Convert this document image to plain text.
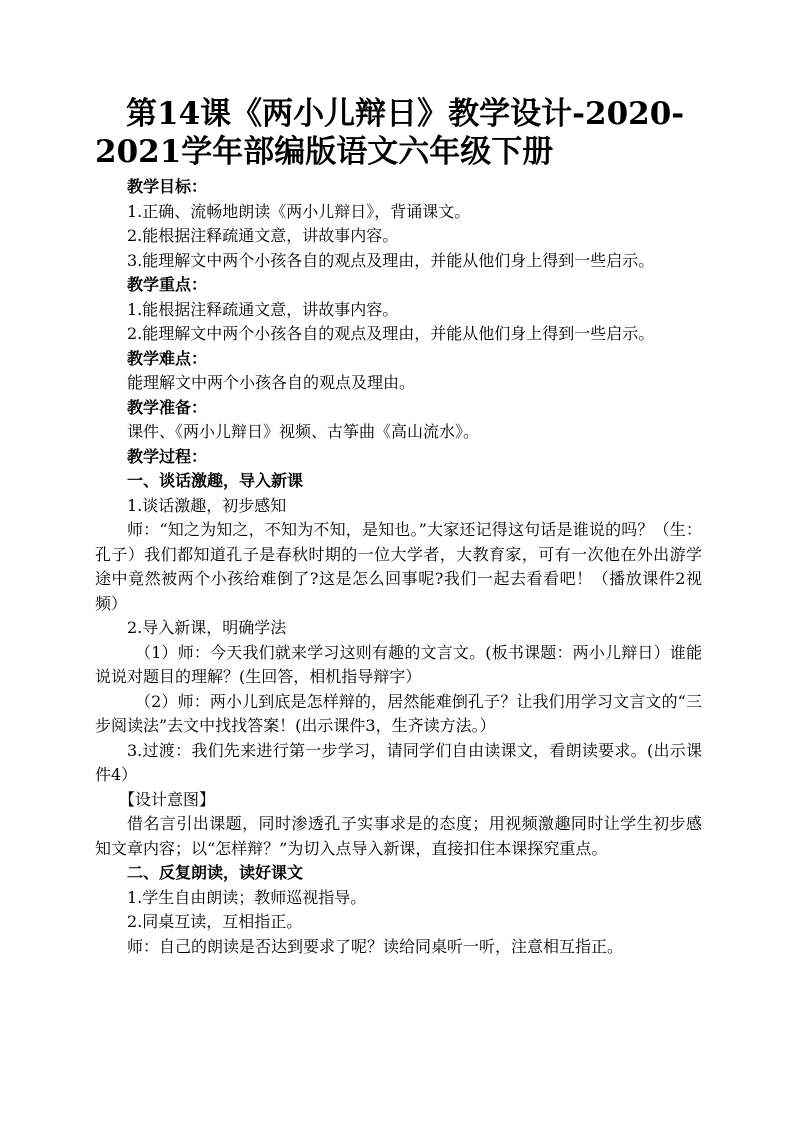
第14课《两小儿辩日》教学设计-2020-2021学年部编版语文六年级下册

教学目标：

1.正确、流畅地朗读《两小儿辩日》，背诵课文。

2.能根据注释疏通文意，讲故事内容。

3.能理解文中两个小孩各自的观点及理由，并能从他们身上得到一些启示。

教学重点：

1.能根据注释疏通文意，讲故事内容。

2.能理解文中两个小孩各自的观点及理由，并能从他们身上得到一些启示。

教学难点：

能理解文中两个小孩各自的观点及理由。

教学准备：

课件、《两小儿辩日》视频、古筝曲《高山流水》。

教学过程：

一、谈话激趣，导入新课

1.谈话激趣，初步感知

师：“知之为知之，不知为不知，是知也。”大家还记得这句话是谁说的吗？（生：孔子）我们都知道孔子是春秋时期的一位大学者，大教育家，可有一次他在外出游学途中竟然被两个小孩给难倒了?这是怎么回事呢?我们一起去看看吧！（播放课件2视频）

2.导入新课，明确学法

（1）师：今天我们就来学习这则有趣的文言文。(板书课题：两小儿辩日）谁能说说对题目的理解？(生回答，相机指导辩字）

（2）师：两小儿到底是怎样辩的，居然能难倒孔子？让我们用学习文言文的“三步阅读法”去文中找找答案！(出示课件3，生齐读方法。）

3.过渡：我们先来进行第一步学习，请同学们自由读课文，看朗读要求。(出示课件4）

【设计意图】

借名言引出课题，同时渗透孔子实事求是的态度；用视频激趣同时让学生初步感知文章内容；以“怎样辩？”为切入点导入新课，直接扣住本课探究重点。

二、反复朗读，读好课文

1.学生自由朗读；教师巡视指导。

2.同桌互读，互相指正。

师：自己的朗读是否达到要求了呢？读给同桌听一听，注意相互指正。
